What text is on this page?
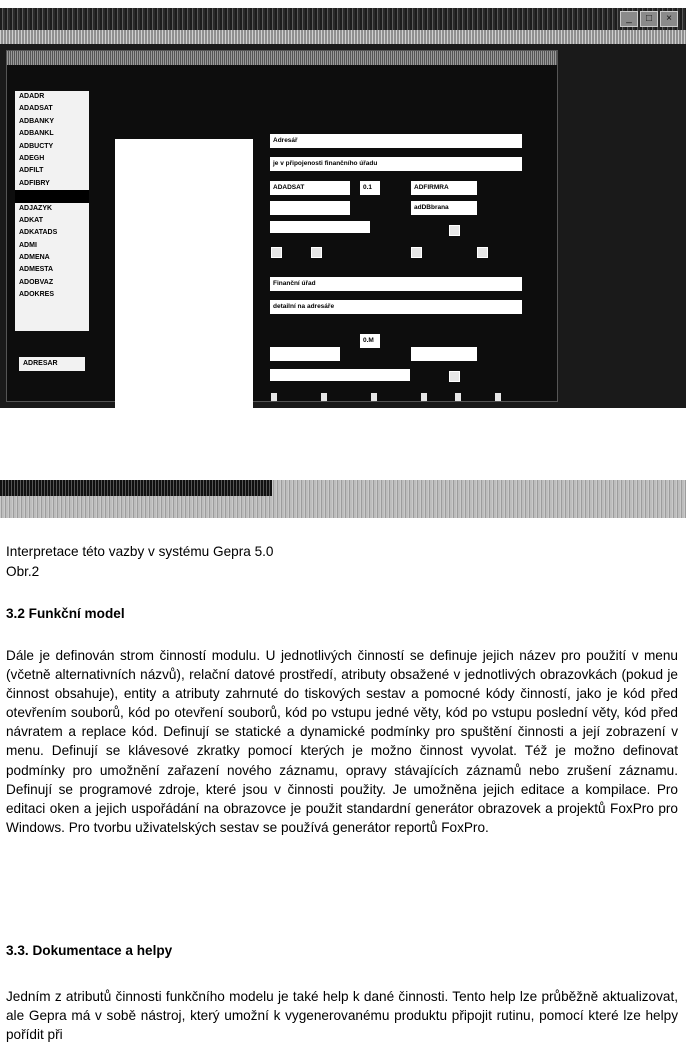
_	□	×
ADADR
ADADSAT
ADBANKY
ADBANKL
ADBUCTY
ADEGH
ADFILT
ADFIBRY
ADJAZYK
ADKAT
ADKATADS
ADMI
ADMENA
ADMESTA
ADOBVAZ
ADOKRES
ADRESAR
Adresář
je v připojenosti finančního úřadu
ADADSAT	0.1	ADFIRMRA
adDBbrana
Finanční úřad
detailní na adresáře
0.M
Interpretace této vazby v systému Gepra 5.0
Obr.2
3.2 Funkční model
Dále je definován strom činností modulu. U jednotlivých činností se definuje jejich název pro použití v menu (včetně alternativních názvů), relační datové prostředí, atributy obsažené v jednotlivých obrazovkách (pokud je činnost obsahuje), entity a atributy zahrnuté do tiskových sestav a pomocné kódy činností, jako je kód před otevřením souborů, kód po otevření souborů, kód po vstupu jedné věty, kód po vstupu poslední věty, kód před návratem a replace kód. Definují se statické a dynamické podmínky pro spuštění činnosti a její zobrazení v menu. Definují se klávesové zkratky pomocí kterých je možno činnost vyvolat. Též je možno definovat podmínky pro umožnění zařazení nového záznamu, opravy stávajících záznamů nebo zrušení záznamu. Definují se programové zdroje, které jsou v činnosti použity. Je umožněna jejich editace a kompilace. Pro editaci oken a jejich uspořádání na obrazovce je použit standardní generátor obrazovek a projektů FoxPro pro Windows. Pro tvorbu uživatelských sestav se používá generátor reportů FoxPro.
3.3. Dokumentace a helpy
Jedním z atributů činnosti funkčního modelu je také help k dané činnosti. Tento help lze průběžně aktualizovat, ale Gepra má v sobě nástroj, který umožní k vygenerovanému produktu připojit rutinu, pomocí které lze helpy pořídit při
